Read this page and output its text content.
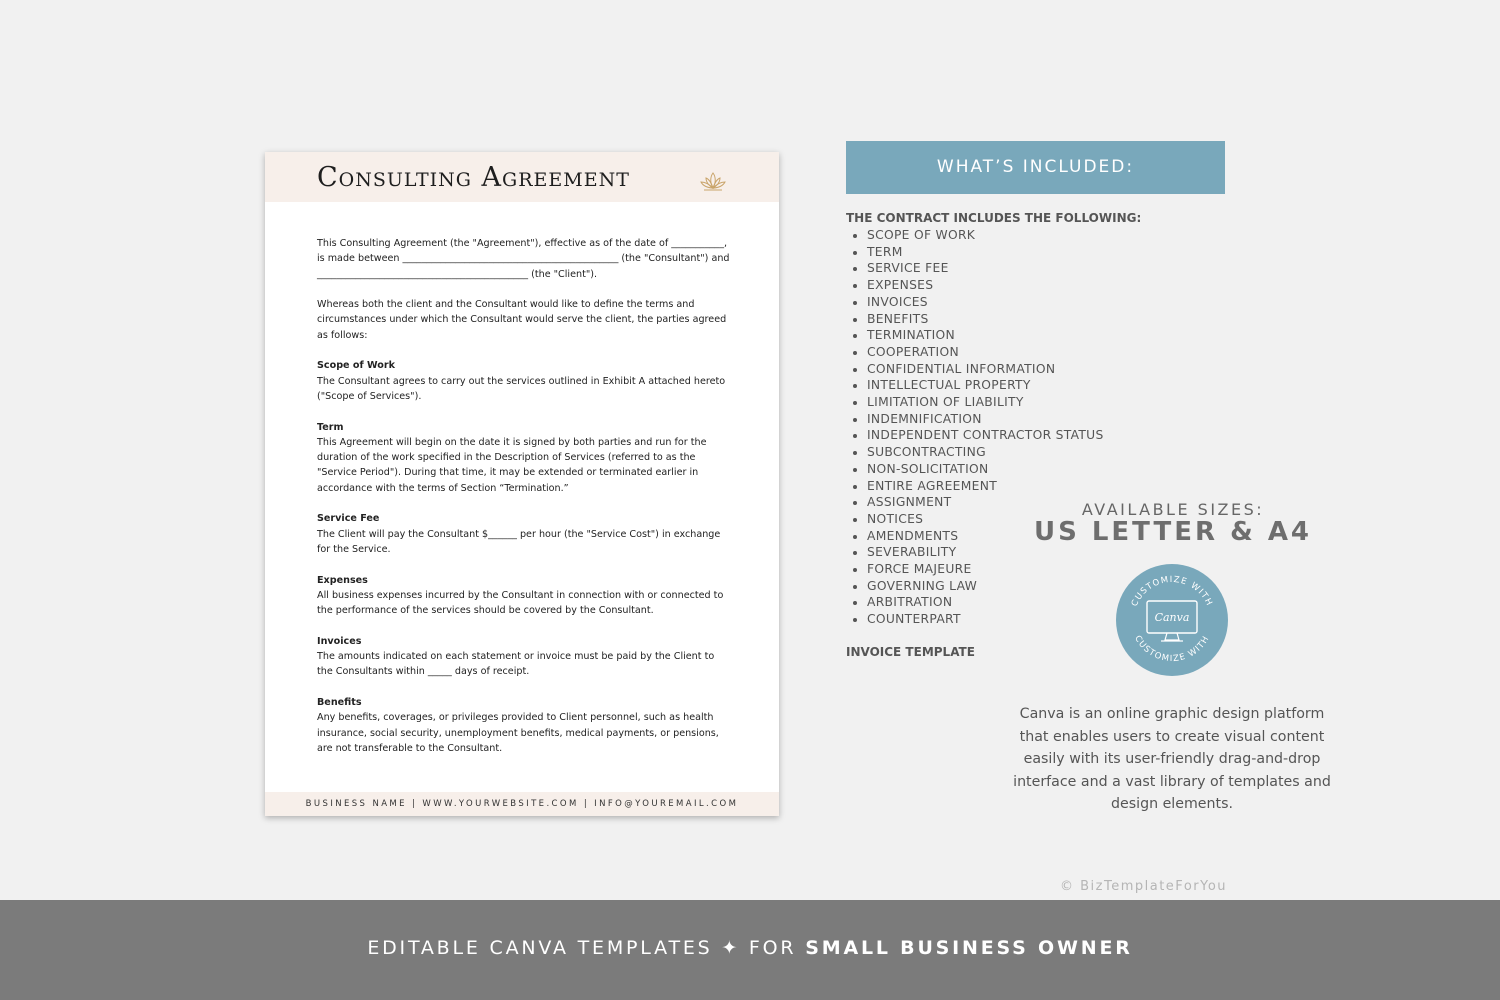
Consulting Agreement

This Consulting Agreement (the "Agreement"), effective as of the date of ___________, is made between _____________________________________________ (the "Consultant") and ____________________________________________ (the "Client").

Whereas both the client and the Consultant would like to define the terms and circumstances under which the Consultant would serve the client, the parties agreed as follows:

Scope of Work
The Consultant agrees to carry out the services outlined in Exhibit A attached hereto ("Scope of Services").

Term
This Agreement will begin on the date it is signed by both parties and run for the duration of the work specified in the Description of Services (referred to as the "Service Period"). During that time, it may be extended or terminated earlier in accordance with the terms of Section “Termination.”

Service Fee
The Client will pay the Consultant $______ per hour (the "Service Cost") in exchange for the Service.

Expenses
All business expenses incurred by the Consultant in connection with or connected to the performance of the services should be covered by the Consultant.

Invoices
The amounts indicated on each statement or invoice must be paid by the Client to the Consultants within _____ days of receipt.

Benefits
Any benefits, coverages, or privileges provided to Client personnel, such as health insurance, social security, unemployment benefits, medical payments, or pensions, are not transferable to the Consultant.

BUSINESS NAME | WWW.YOURWEBSITE.COM | INFO@YOUREMAIL.COM
WHAT’S INCLUDED:
THE CONTRACT INCLUDES THE FOLLOWING:
• SCOPE OF WORK
• TERM
• SERVICE FEE
• EXPENSES
• INVOICES
• BENEFITS
• TERMINATION
• COOPERATION
• CONFIDENTIAL INFORMATION
• INTELLECTUAL PROPERTY
• LIMITATION OF LIABILITY
• INDEMNIFICATION
• INDEPENDENT CONTRACTOR STATUS
• SUBCONTRACTING
• NON-SOLICITATION
• ENTIRE AGREEMENT
• ASSIGNMENT
• NOTICES
• AMENDMENTS
• SEVERABILITY
• FORCE MAJEURE
• GOVERNING LAW
• ARBITRATION
• COUNTERPART
INVOICE TEMPLATE
AVAILABLE SIZES:
US LETTER & A4
CUSTOMIZE WITH
CUSTOMIZE WITH
Canva
Canva is an online graphic design platform that enables users to create visual content easily with its user-friendly drag-and-drop interface and a vast library of templates and design elements.
© BizTemplateForYou
EDITABLE CANVA TEMPLATES ✦ FOR SMALL BUSINESS OWNER
